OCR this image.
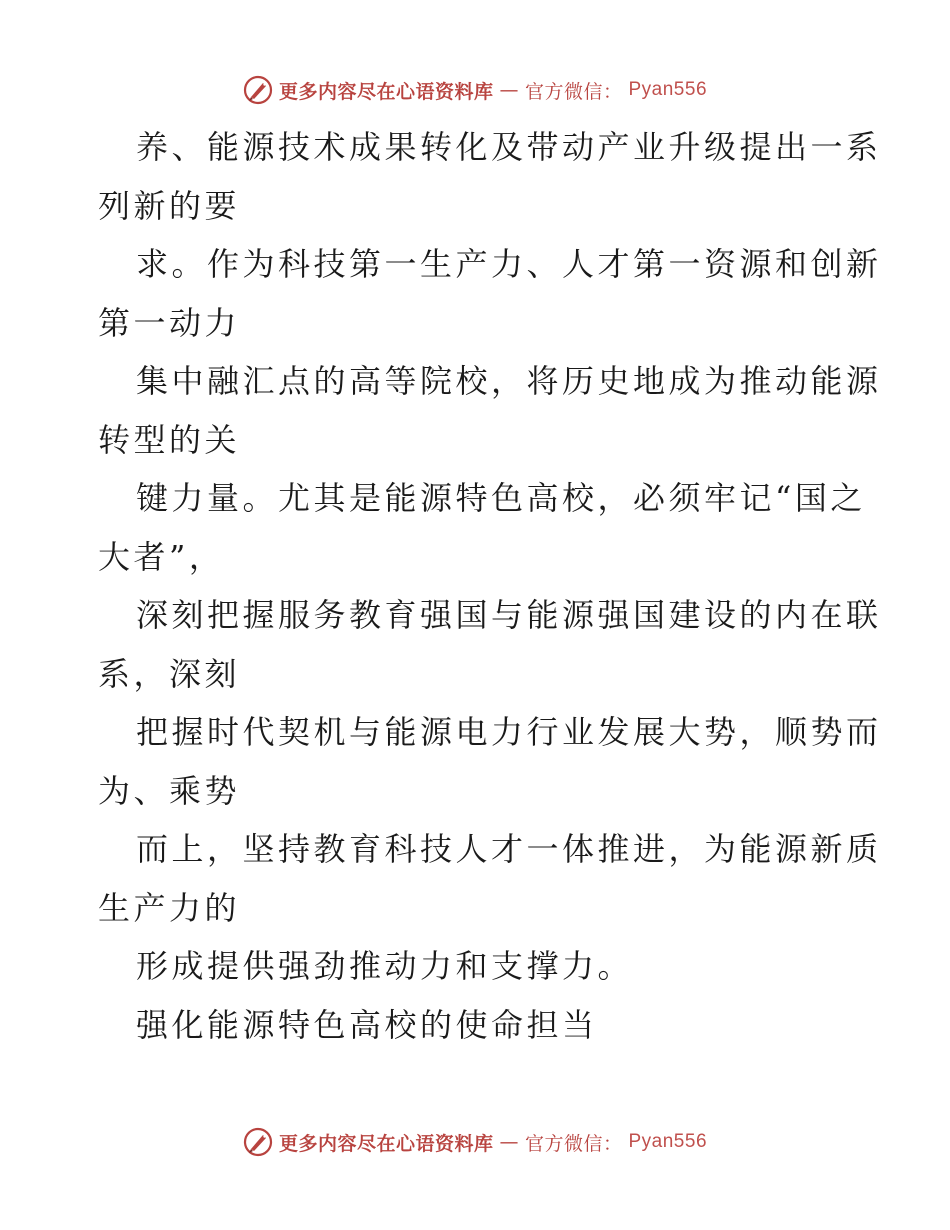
更多内容尽在心语资料库 — 官方微信： Pyan556
养、能源技术成果转化及带动产业升级提出一系
列新的要
求。作为科技第一生产力、人才第一资源和创新
第一动力
集中融汇点的高等院校，将历史地成为推动能源
转型的关
键力量。尤其是能源特色高校，必须牢记“国之
大者”，
深刻把握服务教育强国与能源强国建设的内在联
系，深刻
把握时代契机与能源电力行业发展大势，顺势而
为、乘势
而上，坚持教育科技人才一体推进，为能源新质
生产力的
形成提供强劲推动力和支撑力。
强化能源特色高校的使命担当
更多内容尽在心语资料库 — 官方微信： Pyan556
